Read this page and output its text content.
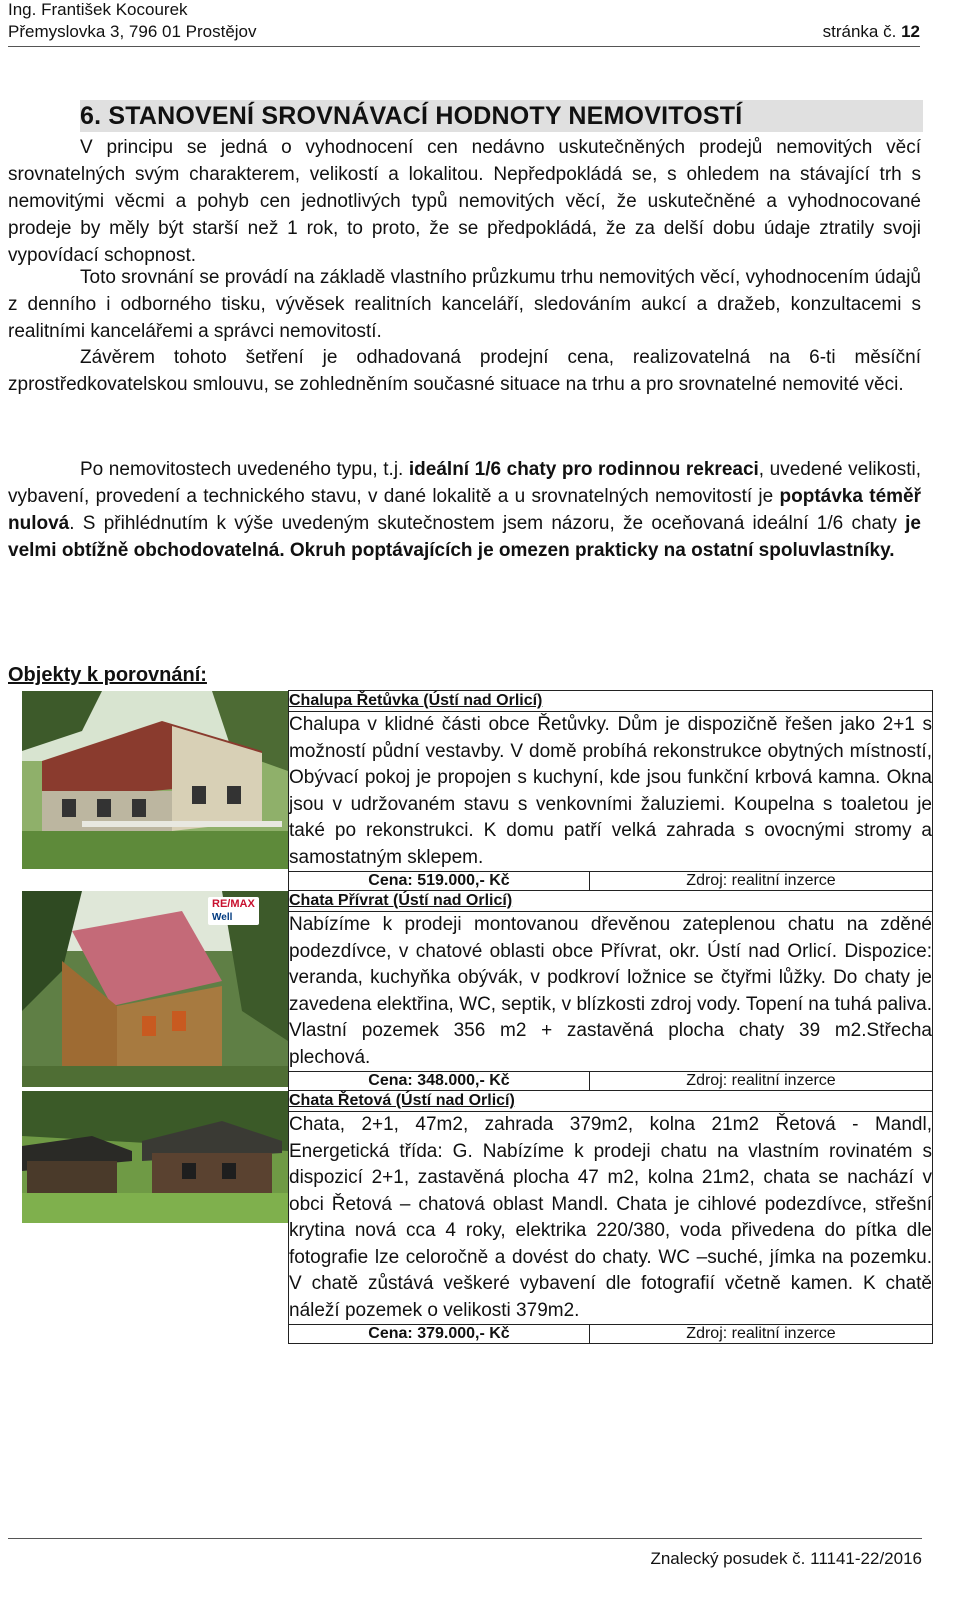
Ing. František Kocourek
Přemyslovka 3, 796 01 Prostějov	stránka č. 12
6. STANOVENÍ SROVNÁVACÍ HODNOTY NEMOVITOSTÍ
V principu se jedná o vyhodnocení cen nedávno uskutečněných prodejů nemovitých věcí srovnatelných svým charakterem, velikostí a lokalitou. Nepředpokládá se, s ohledem na stávající trh s nemovitými věcmi a pohyb cen jednotlivých typů nemovitých věcí, že uskutečněné a vyhodnocované prodeje by měly být starší než 1 rok, to proto, že se předpokládá, že za delší dobu údaje ztratily svoji vypovídací schopnost.
Toto srovnání se provádí na základě vlastního průzkumu trhu nemovitých věcí, vyhodnocením údajů z denního i odborného tisku, vývěsek realitních kanceláří, sledováním aukcí a dražeb, konzultacemi s realitními kancelářemi a správci nemovitostí.
Závěrem tohoto šetření je odhadovaná prodejní cena, realizovatelná na 6-ti měsíční zprostředkovatelskou smlouvu, se zohledněním současné situace na trhu a pro srovnatelné nemovité věci.
Po nemovitostech uvedeného typu, t.j. ideální 1/6 chaty pro rodinnou rekreaci, uvedené velikosti, vybavení, provedení a technického stavu, v dané lokalitě a u srovnatelných nemovitostí je poptávka téměř nulová. S přihlédnutím k výše uvedeným skutečnostem jsem názoru, že oceňovaná ideální 1/6 chaty je velmi obtížně obchodovatelná. Okruh poptávajících je omezen prakticky na ostatní spoluvlastníky.
Objekty k porovnání:
	Chalupa Řetůvka (Ústí nad Orlicí)	
	Chalupa v klidné části obce Řetůvky. Dům je dispozičně řešen jako 2+1 s možností půdní vestavby. V domě probíhá rekonstrukce obytných místností, Obývací pokoj je propojen s kuchyní, kde jsou funkční krbová kamna. Okna jsou v udržovaném stavu s venkovními žaluziemi. Koupelna s toaletou je také po rekonstrukci. K domu patří velká zahrada s ovocnými stromy a samostatným sklepem.	
	Cena: 519.000,- Kč	Zdroj: realitní inzerce

RE/MAX
Well	Chata Přívrat (Ústí nad Orlicí)	
	Nabízíme k prodeji montovanou dřevěnou zateplenou chatu na zděné podezdívce, v chatové oblasti obce Přívrat, okr. Ústí nad Orlicí. Dispozice: veranda, kuchyňka obývák, v podkroví ložnice se čtyřmi lůžky. Do chaty je zavedena elektřina, WC, septik, v blízkosti zdroj vody. Topení na tuhá paliva. Vlastní pozemek 356 m2 + zastavěná plocha chaty 39 m2.Střecha plechová.	
	Cena: 348.000,- Kč	Zdroj: realitní inzerce

	Chata Řetová (Ústí nad Orlicí)	
	Chata, 2+1, 47m2, zahrada 379m2, kolna 21m2 Řetová - Mandl, Energetická třída: G. Nabízíme k prodeji chatu na vlastním rovinatém s dispozicí 2+1, zastavěná plocha 47 m2, kolna 21m2, chata se nachází v obci Řetová – chatová oblast Mandl. Chata je cihlové podezdívce, střešní krytina nová cca 4 roky, elektrika 220/380, voda přivedena do pítka dle fotografie lze celoročně a dovést do chaty. WC –suché, jímka na pozemku. V chatě zůstává veškeré vybavení dle fotografií včetně kamen. K chatě náleží pozemek o velikosti 379m2.	
	Cena: 379.000,- Kč	Zdroj: realitní inzerce
Znalecký posudek č. 11141-22/2016
